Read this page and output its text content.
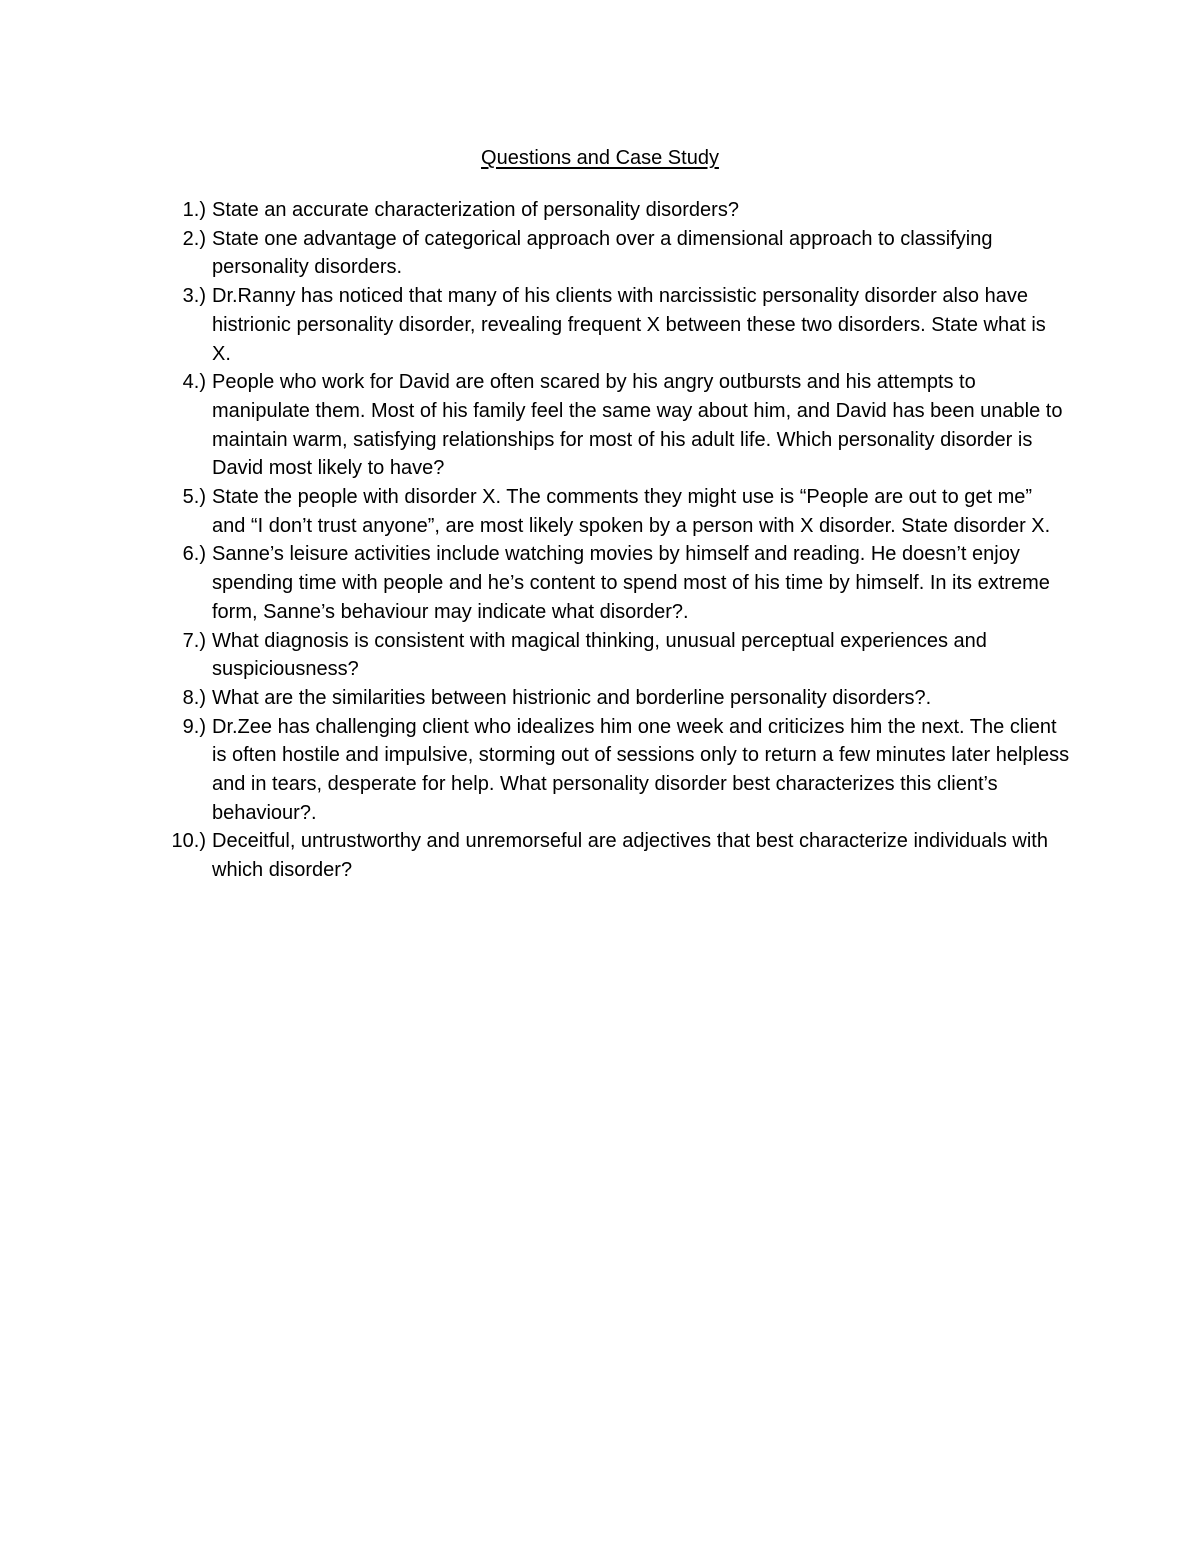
Questions and Case Study
1.) State an accurate characterization of personality disorders?
2.) State one advantage of categorical approach over a dimensional approach to classifying personality disorders.
3.) Dr.Ranny has noticed that many of his clients with narcissistic personality disorder also have histrionic personality disorder, revealing frequent X between these two disorders. State what is X.
4.) People who work for David are often scared by his angry outbursts and his attempts to manipulate them. Most of his family feel the same way about him, and David has been unable to maintain warm, satisfying relationships for most of his adult life. Which personality disorder is David most likely to have?
5.) State the people with disorder X. The comments they might use is “People are out to get me” and “I don’t trust anyone”, are most likely spoken by a person with X disorder. State disorder X.
6.) Sanne’s leisure activities include watching movies by himself and reading. He doesn’t enjoy spending time with people and he’s content to spend most of his time by himself. In its extreme form, Sanne’s behaviour may indicate what disorder?.
7.) What diagnosis is consistent with magical thinking, unusual perceptual experiences and suspiciousness?
8.) What are the similarities between histrionic and borderline personality disorders?.
9.) Dr.Zee has challenging client who idealizes him one week and criticizes him the next. The client is often hostile and impulsive, storming out of sessions only to return a few minutes later helpless and in tears, desperate for help. What personality disorder best characterizes this client’s behaviour?.
10.) Deceitful, untrustworthy and unremorseful are adjectives that best characterize individuals with which disorder?
